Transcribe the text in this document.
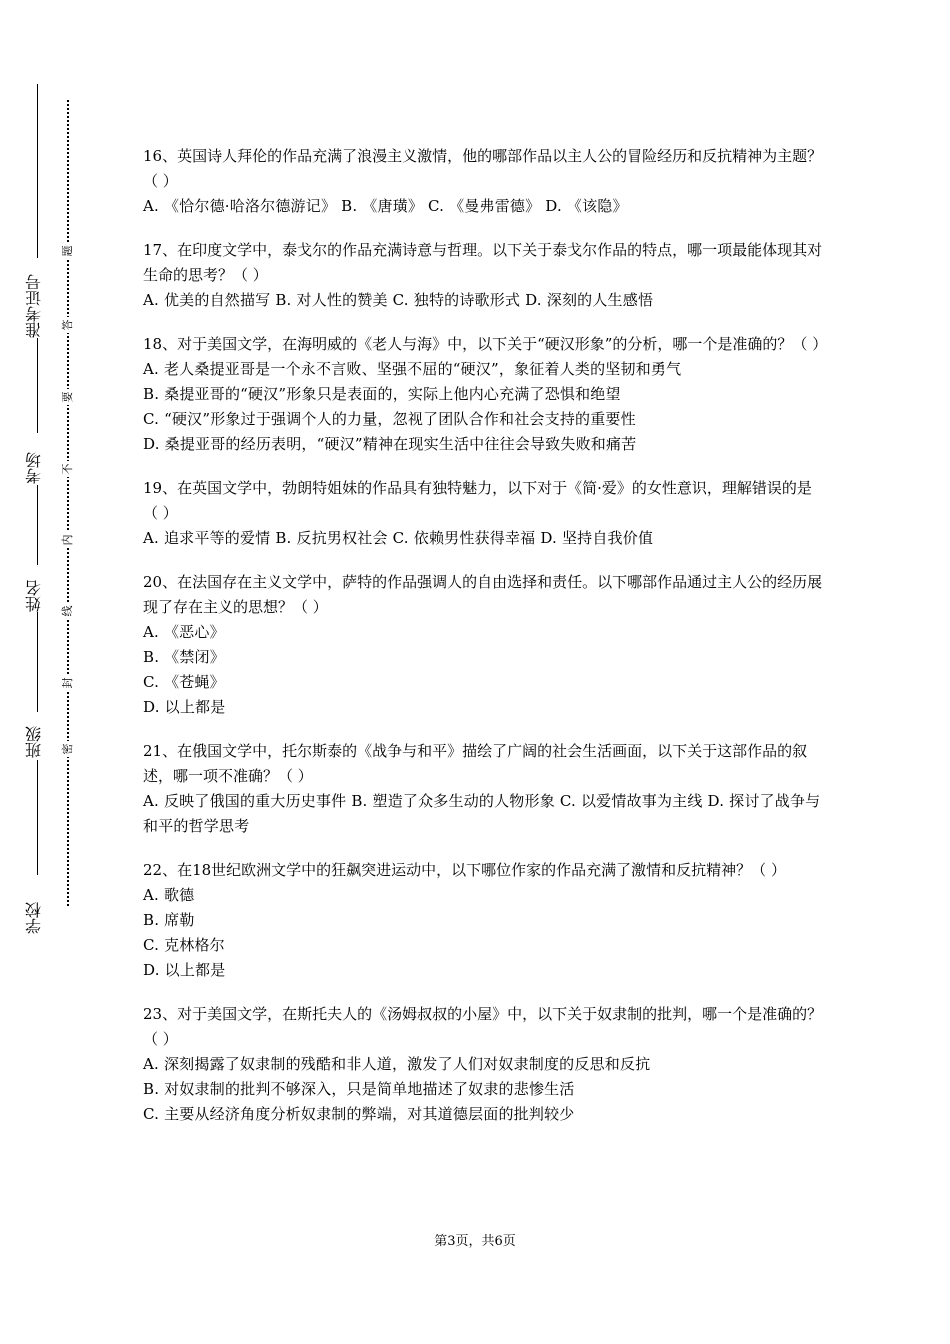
学校
班级
姓名
考场
准考证号
密
封
线
内
不
要
答
题

16、英国诗人拜伦的作品充满了浪漫主义激情，他的哪部作品以主人公的冒险经历和反抗精神为主题？（ ）

A. 《恰尔德·哈洛尔德游记》 B. 《唐璜》 C. 《曼弗雷德》 D. 《该隐》

17、在印度文学中，泰戈尔的作品充满诗意与哲理。以下关于泰戈尔作品的特点，哪一项最能体现其对生命的思考？（ ）

A. 优美的自然描写 B. 对人性的赞美 C. 独特的诗歌形式 D. 深刻的人生感悟

18、对于美国文学，在海明威的《老人与海》中，以下关于“硬汉形象”的分析，哪一个是准确的？（ ）

A. 老人桑提亚哥是一个永不言败、坚强不屈的“硬汉”，象征着人类的坚韧和勇气

B. 桑提亚哥的“硬汉”形象只是表面的，实际上他内心充满了恐惧和绝望

C. “硬汉”形象过于强调个人的力量，忽视了团队合作和社会支持的重要性

D. 桑提亚哥的经历表明，“硬汉”精神在现实生活中往往会导致失败和痛苦

19、在英国文学中，勃朗特姐妹的作品具有独特魅力，以下对于《简·爱》的女性意识，理解错误的是（ ）

A. 追求平等的爱情 B. 反抗男权社会 C. 依赖男性获得幸福 D. 坚持自我价值

20、在法国存在主义文学中，萨特的作品强调人的自由选择和责任。以下哪部作品通过主人公的经历展现了存在主义的思想？（ ）

A. 《恶心》

B. 《禁闭》

C. 《苍蝇》

D. 以上都是

21、在俄国文学中，托尔斯泰的《战争与和平》描绘了广阔的社会生活画面，以下关于这部作品的叙述，哪一项不准确？（ ）

A. 反映了俄国的重大历史事件 B. 塑造了众多生动的人物形象 C. 以爱情故事为主线 D. 探讨了战争与和平的哲学思考

22、在18世纪欧洲文学中的狂飙突进运动中，以下哪位作家的作品充满了激情和反抗精神？（ ）

A. 歌德

B. 席勒

C. 克林格尔

D. 以上都是

23、对于美国文学，在斯托夫人的《汤姆叔叔的小屋》中，以下关于奴隶制的批判，哪一个是准确的？（ ）

A. 深刻揭露了奴隶制的残酷和非人道，激发了人们对奴隶制度的反思和反抗

B. 对奴隶制的批判不够深入，只是简单地描述了奴隶的悲惨生活

C. 主要从经济角度分析奴隶制的弊端，对其道德层面的批判较少

第3页，共6页
